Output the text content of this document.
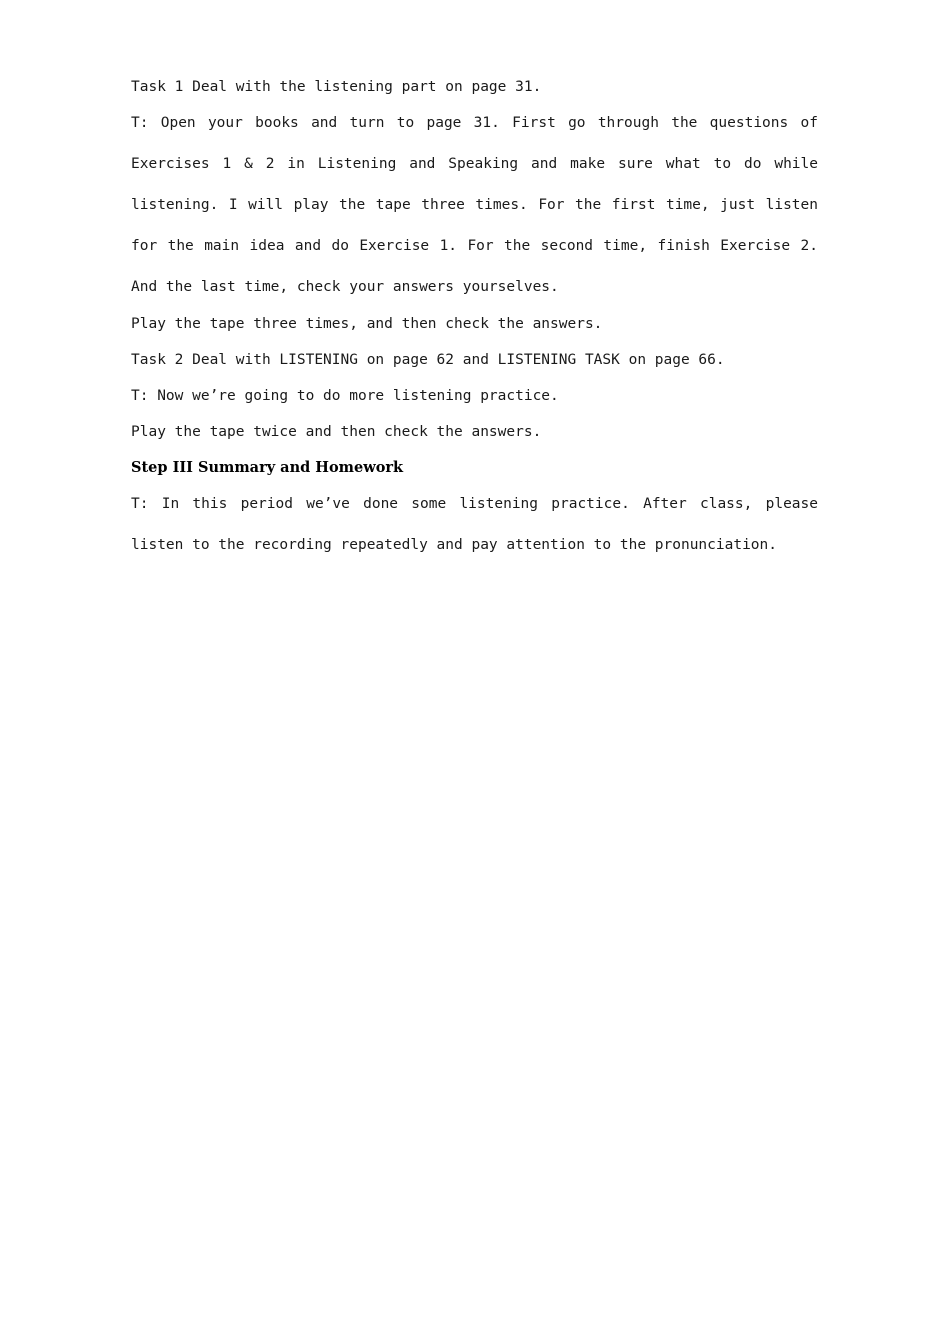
Task 1 Deal with the listening part on page 31.

T: Open your books and turn to page 31. First go through the questions of Exercises 1 & 2 in Listening and Speaking and make sure what to do while listening. I will play the tape three times. For the first time, just listen for the main idea and do Exercise 1. For the second time, finish Exercise 2. And the last time, check your answers yourselves.

Play the tape three times, and then check the answers.

Task 2 Deal with LISTENING on page 62 and LISTENING TASK on page 66.

T: Now we’re going to do more listening practice.

Play the tape twice and then check the answers.

Step III Summary and Homework

T: In this period we’ve done some listening practice. After class, please listen to the recording repeatedly and pay attention to the pronunciation.
